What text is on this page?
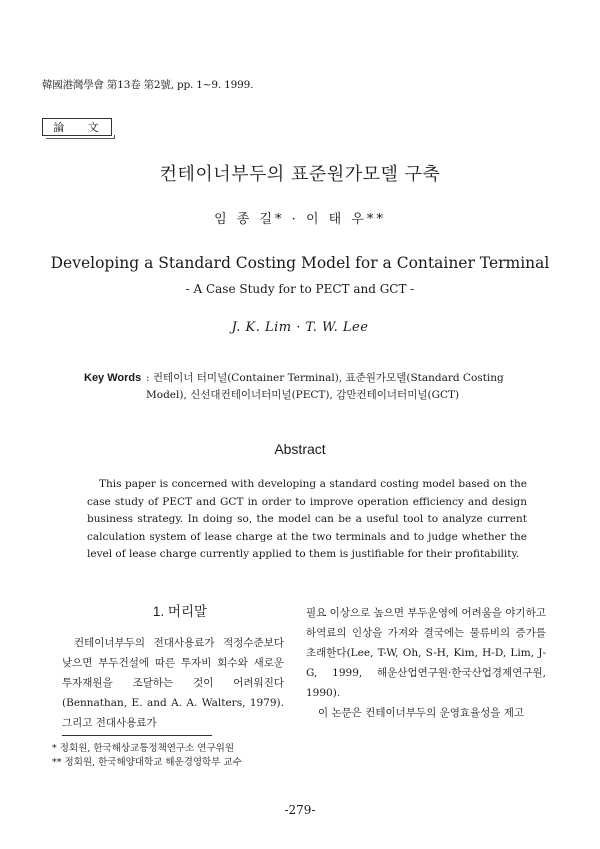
韓國港灣學會 第13卷 第2號, pp. 1~9. 1999.
論 文
컨테이너부두의 표준원가모델 구축
임 종 길* · 이 태 우**
Developing a Standard Costing Model for a Container Terminal
- A Case Study for to PECT and GCT -
J. K. Lim · T. W. Lee
Key Words : 컨테이너 터미널(Container Terminal), 표준원가모델(Standard Costing Model), 신선대컨테이너터미널(PECT), 감만컨테이너터미널(GCT)
Abstract
This paper is concerned with developing a standard costing model based on the case study of PECT and GCT in order to improve operation efficiency and design business strategy. In doing so, the model can be a useful tool to analyze current calculation system of lease charge at the two terminals and to judge whether the level of lease charge currently applied to them is justifiable for their profitability.
1. 머리말
컨테이너부두의 전대사용료가 적정수준보다 낮으면 부두건설에 따른 투자비 회수와 새로운 투자재원을 조달하는 것이 어려워진다(Bennathan, E. and A. A. Walters, 1979). 그리고 전대사용료가

필요 이상으로 높으면 부두운영에 어려움을 야기하고 하역료의 인상을 가져와 결국에는 물류비의 증가를 초래한다(Lee, T-W, Oh, S-H, Kim, H-D, Lim, J-G, 1999, 해운산업연구원·한국산업경제연구원, 1990).

이 논문은 컨테이너부두의 운영효율성을 제고

* 정회원, 한국해상교통정책연구소 연구위원
** 정회원, 한국해양대학교 해운경영학부 교수
-279-
